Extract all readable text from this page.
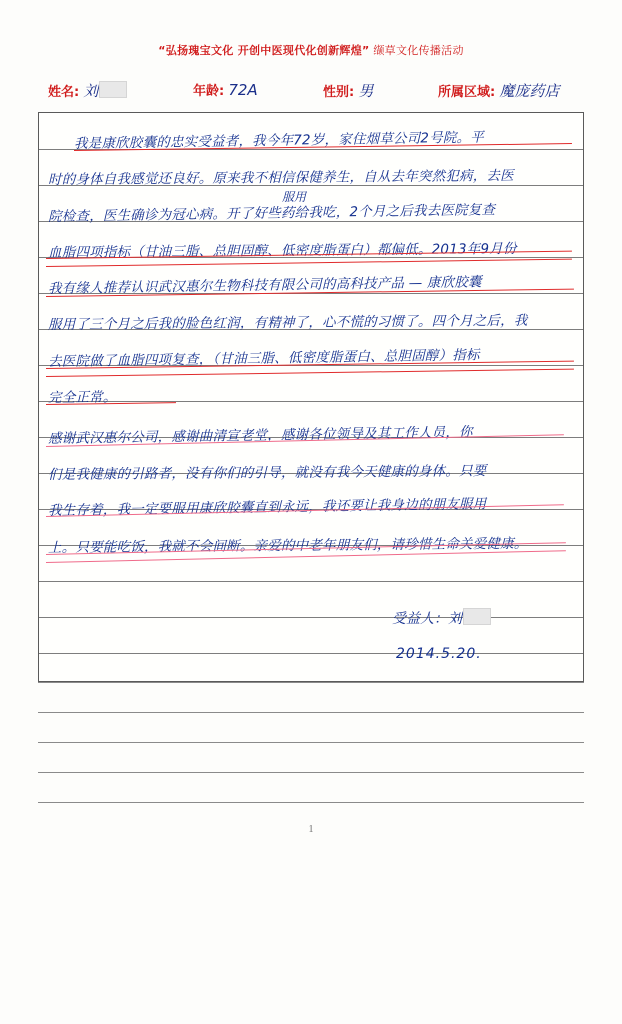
“弘扬瑰宝文化 开创中医现代化创新辉煌” 缬草文化传播活动
姓名: 刘	年龄: 72A	性别: 男	所属区域: 魔庞药店
我是康欣胶囊的忠实受益者，我今年72岁，家住烟草公司2号院。平
时的身体自我感觉还良好。原来我不相信保健养生，自从去年突然犯病，去医
院检查，医生确诊为冠心病。开了好些药给我吃，2个月之后我去医院复查
血脂四项指标（甘油三脂、总胆固醇、低密度脂蛋白）都偏低。2013年9月份
我有缘人推荐认识武汉惠尔生物科技有限公司的高科技产品 — 康欣胶囊
服用了三个月之后我的脸色红润，有精神了，心不慌的习惯了。四个月之后，我
去医院做了血脂四项复查，（甘油三脂、低密度脂蛋白、总胆固醇）指标
完全正常。
感谢武汉惠尔公司，感谢曲清宣老堂，感谢各位领导及其工作人员，你
们是我健康的引路者，没有你们的引导，就没有我今天健康的身体。只要
我生存着，我一定要服用康欣胶囊直到永远，我还要让我身边的朋友服用
上。只要能吃饭，我就不会间断。亲爱的中老年朋友们，请珍惜生命关爱健康。
服用
受益人：刘
2014.5.20.
1
